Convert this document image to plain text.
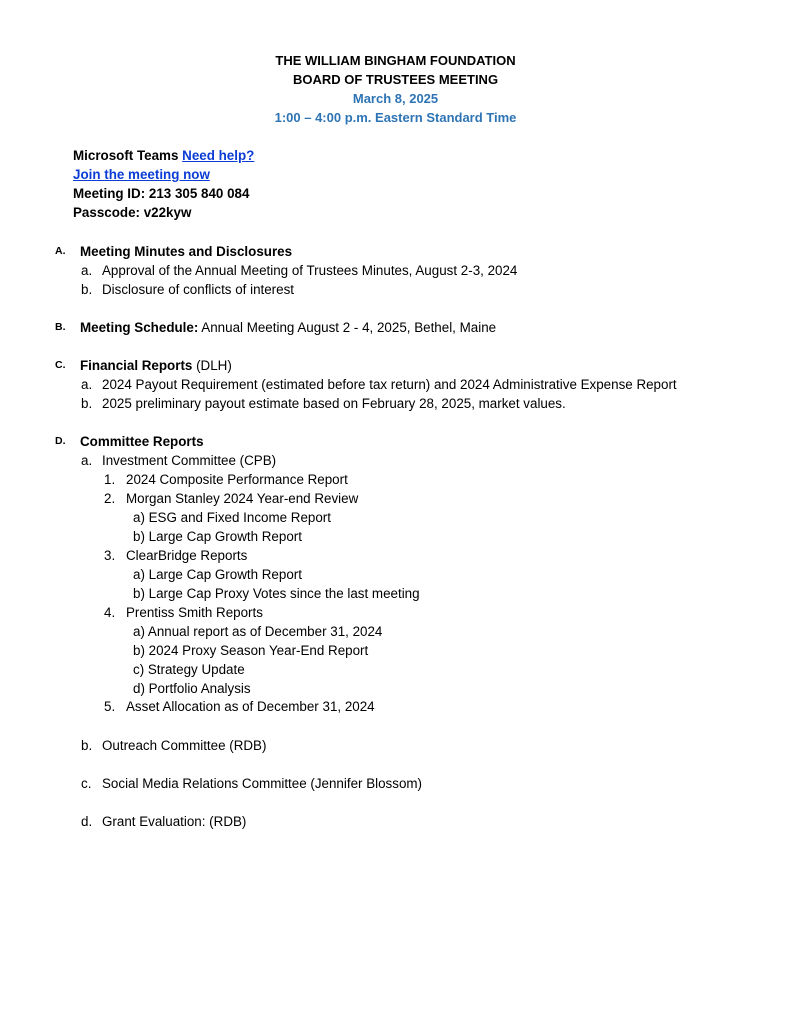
THE WILLIAM BINGHAM FOUNDATION
BOARD OF TRUSTEES MEETING
March 8, 2025
1:00 – 4:00 p.m. Eastern Standard Time
Microsoft Teams Need help?
Join the meeting now
Meeting ID: 213 305 840 084
Passcode: v22kyw
A. Meeting Minutes and Disclosures
a. Approval of the Annual Meeting of Trustees Minutes, August 2-3, 2024
b. Disclosure of conflicts of interest
B. Meeting Schedule: Annual Meeting August 2 - 4, 2025, Bethel, Maine
C. Financial Reports (DLH)
a. 2024 Payout Requirement (estimated before tax return) and 2024 Administrative Expense Report
b. 2025 preliminary payout estimate based on February 28, 2025, market values.
D. Committee Reports
a. Investment Committee (CPB)
1. 2024 Composite Performance Report
2. Morgan Stanley 2024 Year-end Review
a) ESG and Fixed Income Report
b) Large Cap Growth Report
3. ClearBridge Reports
a) Large Cap Growth Report
b) Large Cap Proxy Votes since the last meeting
4. Prentiss Smith Reports
a) Annual report as of December 31, 2024
b) 2024 Proxy Season Year-End Report
c) Strategy Update
d) Portfolio Analysis
5. Asset Allocation as of December 31, 2024
b. Outreach Committee (RDB)
c. Social Media Relations Committee (Jennifer Blossom)
d. Grant Evaluation: (RDB)
